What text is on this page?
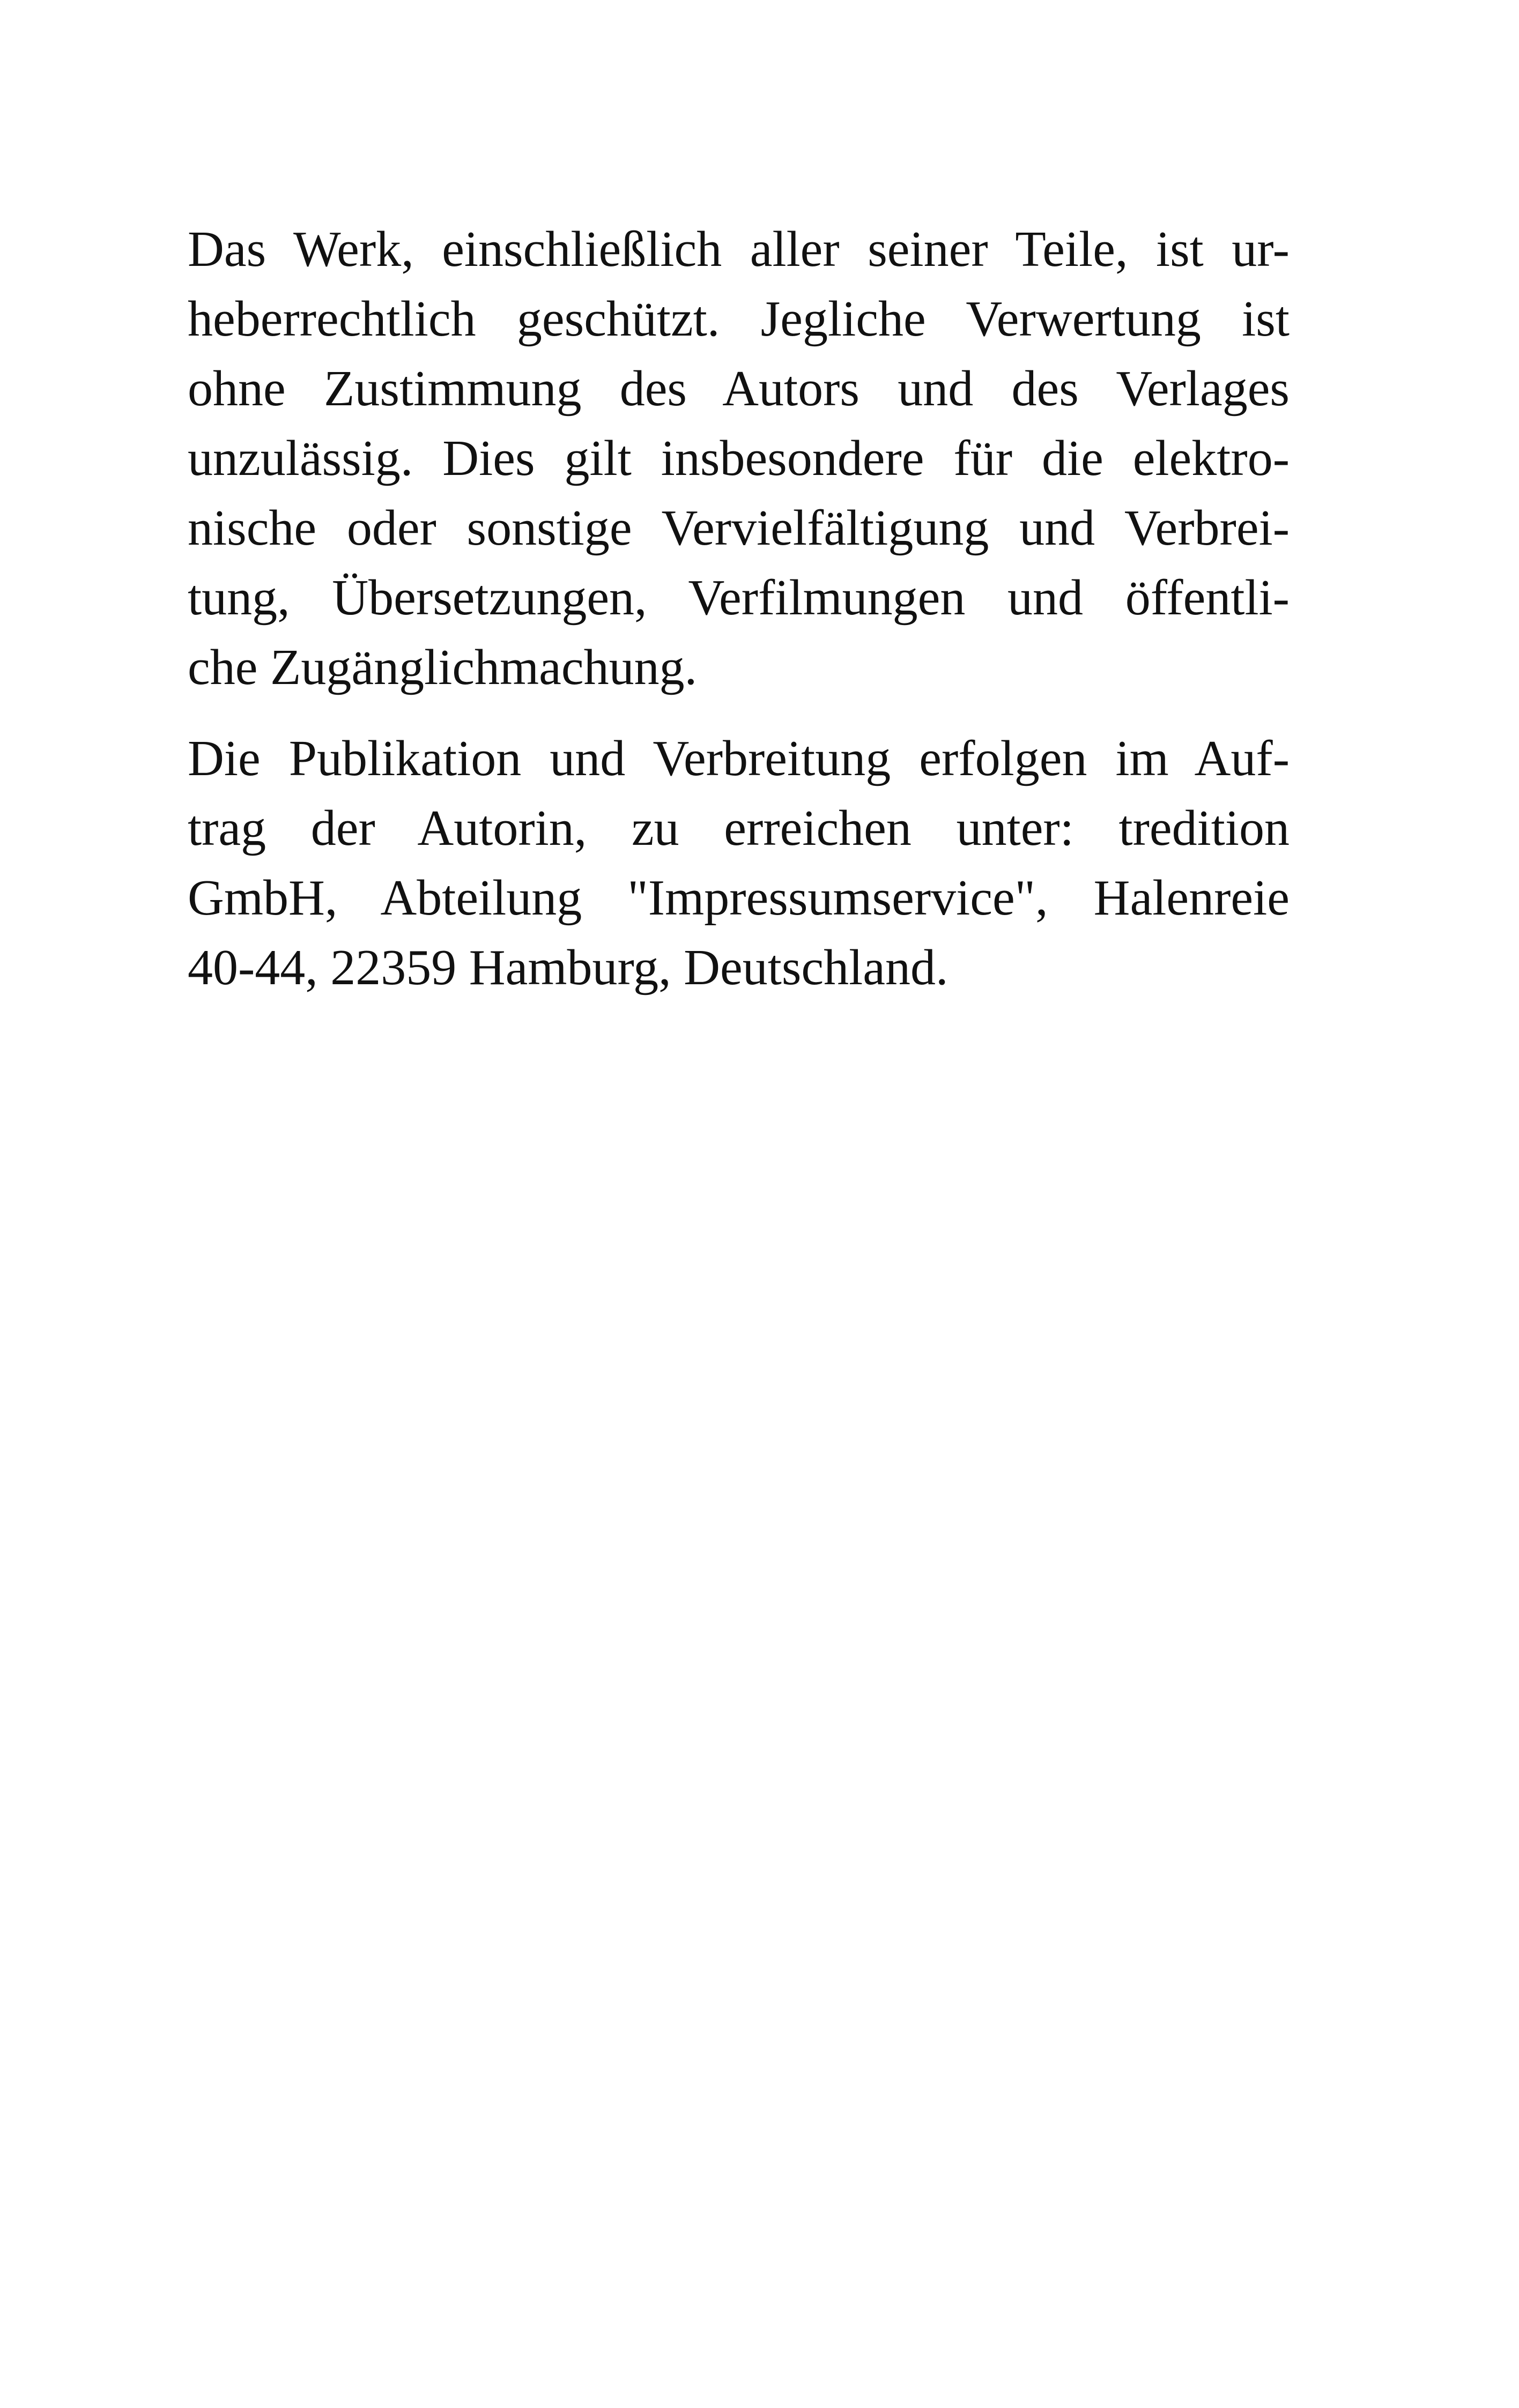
Das Werk, einschließlich aller seiner Teile, ist ur-
heberrechtlich geschützt. Jegliche Verwertung ist
ohne Zustimmung des Autors und des Verlages
unzulässig. Dies gilt insbesondere für die elektro-
nische oder sonstige Vervielfältigung und Verbrei-
tung, Übersetzungen, Verfilmungen und öffentli-
che Zugänglichmachung.

Die Publikation und Verbreitung erfolgen im Auf-
trag der Autorin, zu erreichen unter: tredition
GmbH, Abteilung "Impressumservice", Halenreie
40-44, 22359 Hamburg, Deutschland.
